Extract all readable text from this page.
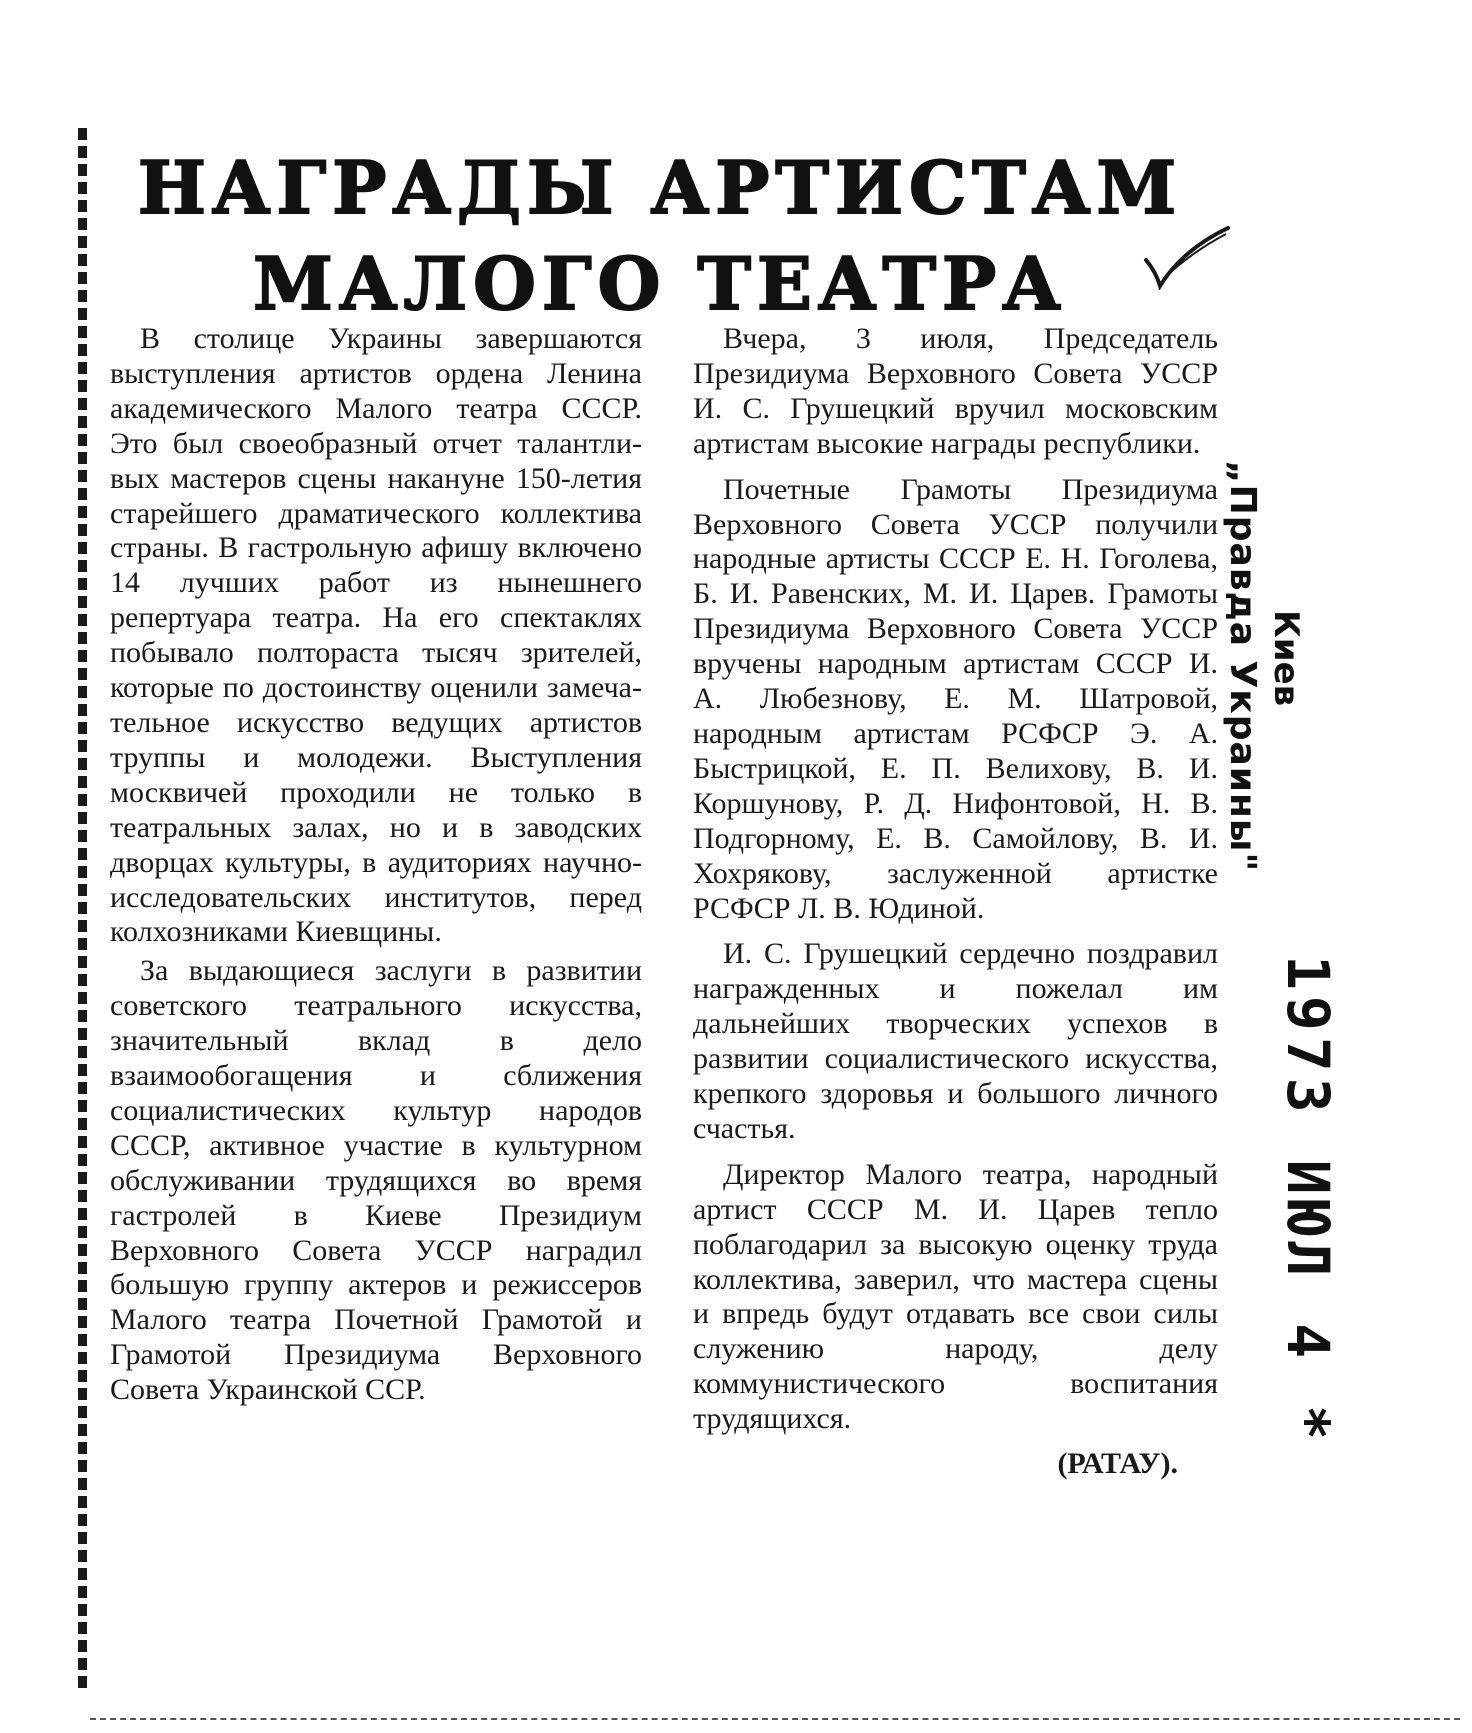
НАГРАДЫ АРТИСТАМ
МАЛОГО ТЕАТРА

В столице Украины завершаются выступления артистов ордена Ленина академического Малого театра СССР. Это был своеобразный отчет талантливых мастеров сцены накануне 150-летия старейшего драматического коллектива страны. В гастрольную афишу включено 14 лучших работ из нынешнего репертуара театра. На его спектаклях побывало полтораста тысяч зрителей, которые по достоинству оценили замечательное искусство ведущих артистов труппы и молодежи. Выступления москвичей проходили не только в театральных залах, но и в заводских дворцах культуры, в аудиториях научно-исследовательских институтов, перед колхозниками Киевщины.

За выдающиеся заслуги в развитии советского театрального искусства, значительный вклад в дело взаимообогащения и сближения социалистических культур народов СССР, активное участие в культурном обслуживании трудящихся во время гастролей в Киеве Президиум Верховного Совета УССР наградил большую группу актеров и режиссеров Малого театра Почетной Грамотой и Грамотой Президиума Верховного Совета Украинской ССР.

Вчера, 3 июля, Председатель Президиума Верховного Совета УССР И. С. Грушецкий вручил московским артистам высокие награды республики.

Почетные Грамоты Президиума Верховного Совета УССР получили народные артисты СССР Е. Н. Гоголева, Б. И. Равенских, М. И. Царев. Грамоты Президиума Верховного Совета УССР вручены народным артистам СССР И. А. Любезнову, Е. М. Шатровой, народным артистам РСФСР Э. А. Быстрицкой, Е. П. Велихову, В. И. Коршунову, Р. Д. Нифонтовой, Н. В. Подгорному, Е. В. Самойлову, В. И. Хохрякову, заслуженной артистке РСФСР Л. В. Юдиной.

И. С. Грушецкий сердечно поздравил награжденных и пожелал им дальнейших творческих успехов в развитии социалистического искусства, крепкого здоровья и большого личного счастья.

Директор Малого театра, народный артист СССР М. И. Царев тепло поблагодарил за высокую оценку труда коллектива, заверил, что мастера сцены и впредь будут отдавать все свои силы служению народу, делу коммунистического воспитания трудящихся.

(РАТАУ).
„Правда Украины" Киев
1973 ИЮЛ 4 *
